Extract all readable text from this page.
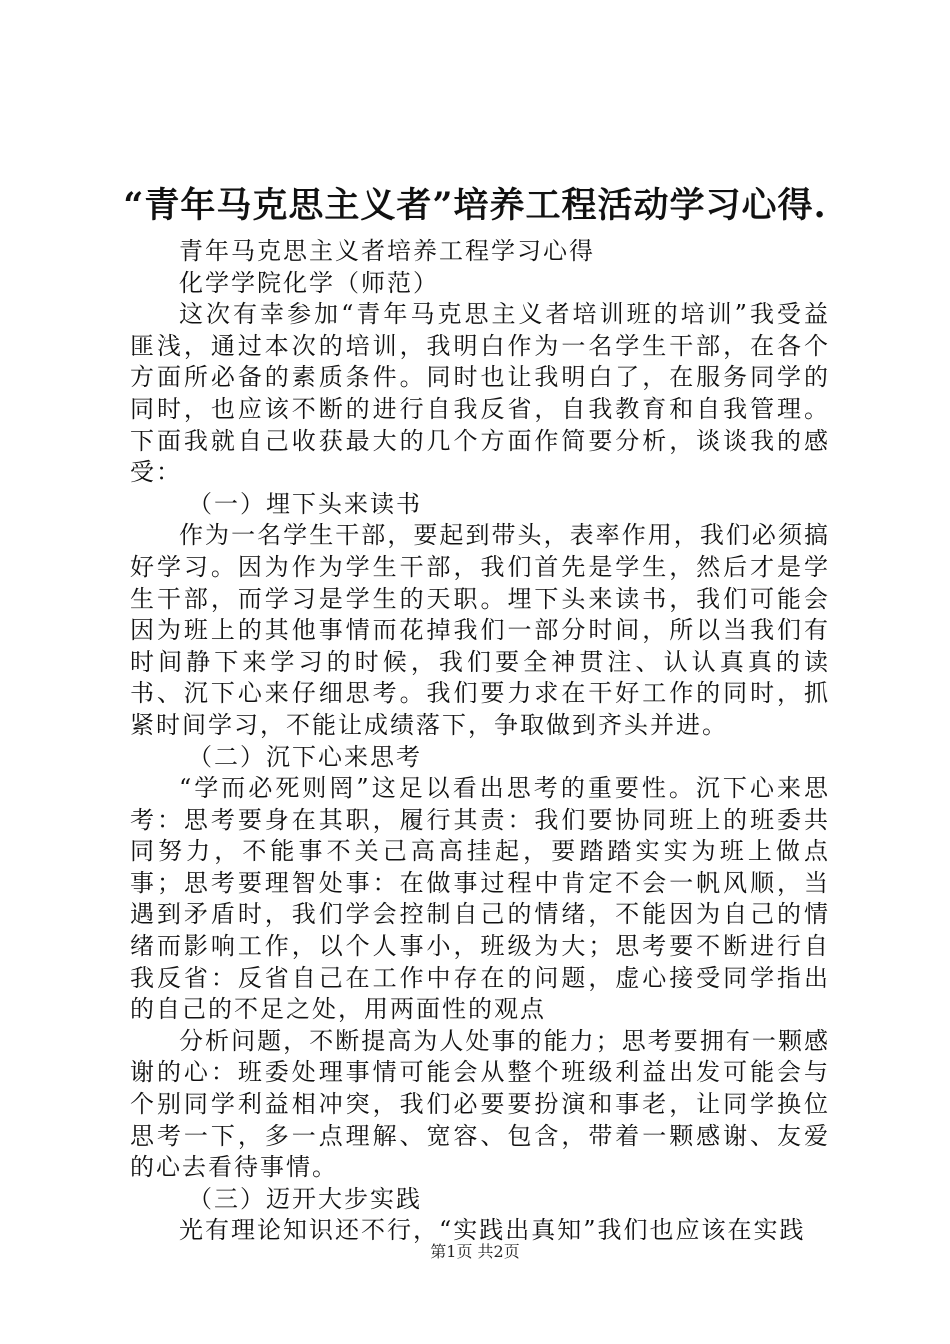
“青年马克思主义者”培养工程活动学习心得.

青年马克思主义者培养工程学习心得

化学学院化学（师范）

这次有幸参加“青年马克思主义者培训班的培训”我受益匪浅，通过本次的培训，我明白作为一名学生干部，在各个方面所必备的素质条件。同时也让我明白了，在服务同学的同时，也应该不断的进行自我反省，自我教育和自我管理。下面我就自己收获最大的几个方面作简要分析，谈谈我的感受：

（一）埋下头来读书

作为一名学生干部，要起到带头，表率作用，我们必须搞好学习。因为作为学生干部，我们首先是学生，然后才是学生干部，而学习是学生的天职。埋下头来读书，我们可能会因为班上的其他事情而花掉我们一部分时间，所以当我们有时间静下来学习的时候，我们要全神贯注、认认真真的读书、沉下心来仔细思考。我们要力求在干好工作的同时，抓紧时间学习，不能让成绩落下，争取做到齐头并进。

（二）沉下心来思考

“学而必死则罔”这足以看出思考的重要性。沉下心来思考：思考要身在其职，履行其责：我们要协同班上的班委共同努力，不能事不关己高高挂起，要踏踏实实为班上做点事；思考要理智处事：在做事过程中肯定不会一帆风顺，当遇到矛盾时，我们学会控制自己的情绪，不能因为自己的情绪而影响工作，以个人事小，班级为大；思考要不断进行自我反省：反省自己在工作中存在的问题，虚心接受同学指出的自己的不足之处，用两面性的观点

分析问题，不断提高为人处事的能力；思考要拥有一颗感谢的心：班委处理事情可能会从整个班级利益出发可能会与个别同学利益相冲突，我们必要要扮演和事老，让同学换位思考一下，多一点理解、宽容、包含，带着一颗感谢、友爱的心去看待事情。

（三）迈开大步实践

光有理论知识还不行，“实践出真知”我们也应该在实践

第1页 共2页
